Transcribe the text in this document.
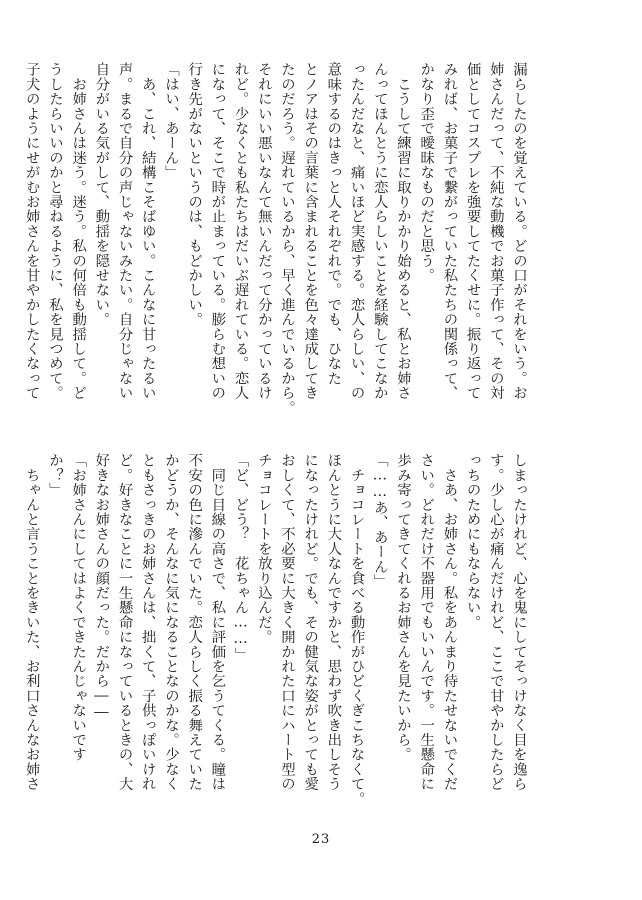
漏らしたのを覚えている。どの口がそれをいう。お
姉さんだって、不純な動機でお菓子作って、その対
価としてコスプレを強要してたくせに。振り返って
みれば、お菓子で繋がっていた私たちの関係って、
かなり歪で曖昧なものだと思う。
　こうして練習に取りかかり始めると、私とお姉さ
んってほんとうに恋人らしいことを経験してこなか
ったんだなと、痛いほど実感する。恋人らしい、の
意味するのはきっと人それぞれで。でも、ひなた
とノアはその言葉に含まれることを色々達成してき
たのだろう。遅れているから、早く進んでいるから。
それにいい悪いなんて無いんだって分かっているけ
れど。少なくとも私たちはだいぶ遅れている。恋人
になって、そこで時が止まっている。膨らむ想いの
行き先がないというのは、もどかしい。
「はい、あーん」
　あ、これ、結構こそばゆい。こんなに甘ったるい
声。まるで自分の声じゃないみたい。自分じゃない
自分がいる気がして、動揺を隠せない。
　お姉さんは迷う。迷う。私の何倍も動揺して。ど
うしたらいいのかと尋ねるように、私を見つめて。
子犬のようにせがむお姉さんを甘やかしたくなって
しまったけれど、心を鬼にしてそっけなく目を逸ら
す。少し心が痛んだけれど、ここで甘やかしたらど
っちのためにもならない。
　さあ、お姉さん。私をあんまり待たせないでくだ
さい。どれだけ不器用でもいいんです。一生懸命に
歩み寄ってきてくれるお姉さんを見たいから。
「……あ、あーん」
　チョコレートを食べる動作がひどくぎこちなくて。
ほんとうに大人なんですかと、思わず吹き出しそう
になったけれど。でも、その健気な姿がとっても愛
おしくて、不必要に大きく開かれた口にハート型の
チョコレートを放り込んだ。
「ど、どう？　花ちゃん……」
　同じ目線の高さで、私に評価を乞うてくる。瞳は
不安の色に滲んでいた。恋人らしく振る舞えていた
かどうか、そんなに気になることなのかな。少なく
ともさっきのお姉さんは、拙くて、子供っぽいけれ
ど。好きなことに一生懸命になっているときの、大
好きなお姉さんの顔だった。だから――
「お姉さんにしてはよくできたんじゃないです
か？」
　ちゃんと言うことをきいた、お利口さんなお姉さ
23
